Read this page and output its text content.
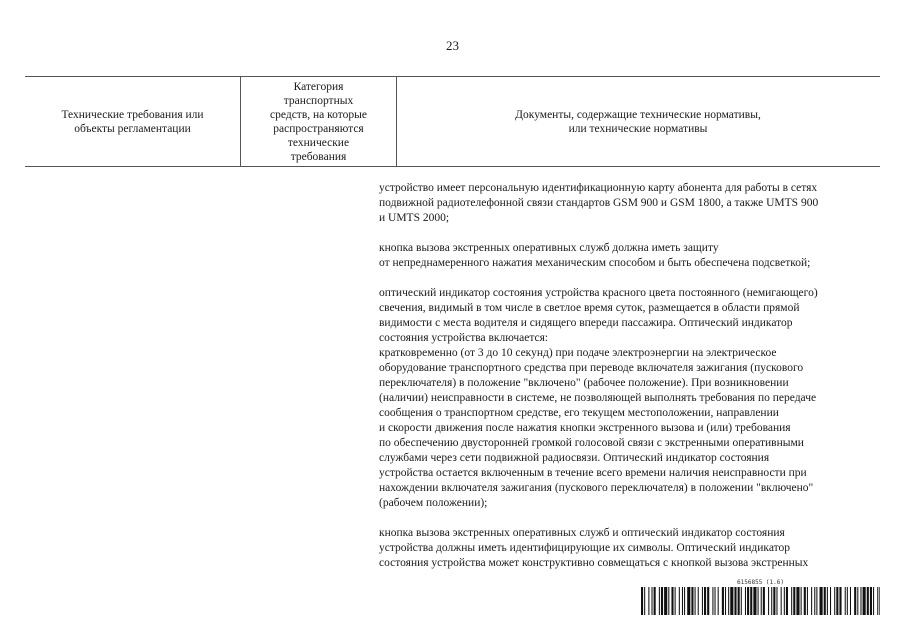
23
Технические требования или
объекты регламентации
Категория
транспортных
средств, на которые
распространяются
технические
требования
Документы, содержащие технические нормативы,
или технические нормативы

устройство имеет персональную идентификационную карту абонента для работы в сетях
подвижной радиотелефонной связи стандартов GSM 900 и GSM 1800, а также UMTS 900
и UMTS 2000;

кнопка вызова экстренных оперативных служб должна иметь защиту
от непреднамеренного нажатия механическим способом и быть обеспечена подсветкой;

оптический индикатор состояния устройства красного цвета постоянного (немигающего)
свечения, видимый в том числе в светлое время суток, размещается в области прямой
видимости с места водителя и сидящего впереди пассажира. Оптический индикатор
состояния устройства включается:

кратковременно (от 3 до 10 секунд) при подаче электроэнергии на электрическое
оборудование транспортного средства при переводе включателя зажигания (пускового
переключателя) в положение "включено" (рабочее положение). При возникновении
(наличии) неисправности в системе, не позволяющей выполнять требования по передаче
сообщения о транспортном средстве, его текущем местоположении, направлении
и скорости движения после нажатия кнопки экстренного вызова и (или) требования
по обеспечению двусторонней громкой голосовой связи с экстренными оперативными
службами через сети подвижной радиосвязи. Оптический индикатор состояния
устройства остается включенным в течение всего времени наличия неисправности при
нахождении включателя зажигания (пускового переключателя) в положении "включено"
(рабочем положении);

кнопка вызова экстренных оперативных служб и оптический индикатор состояния
устройства должны иметь идентифицирующие их символы. Оптический индикатор
состояния устройства может конструктивно совмещаться с кнопкой вызова экстренных

6156855 (1.6)
